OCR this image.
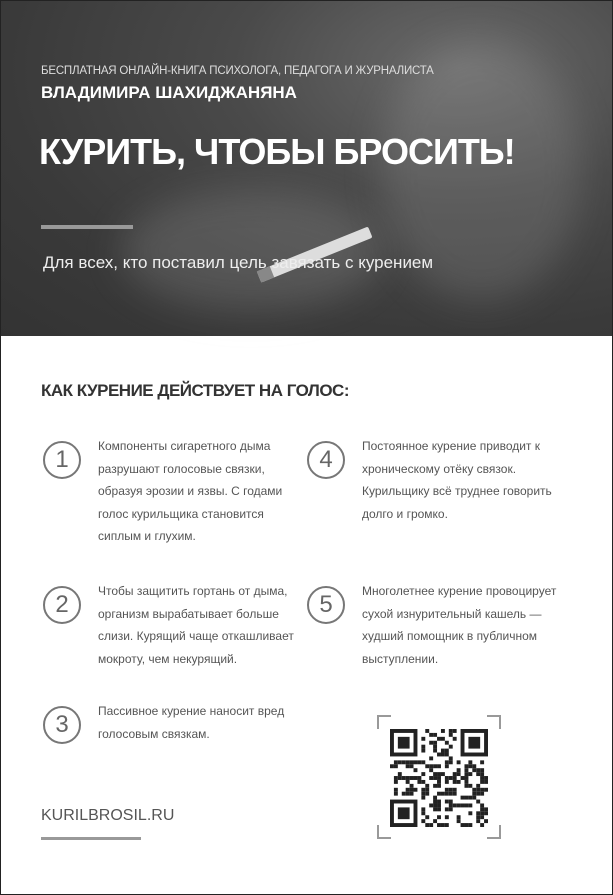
БЕСПЛАТНАЯ ОНЛАЙН-КНИГА ПСИХОЛОГА, ПЕДАГОГА И ЖУРНАЛИСТА
ВЛАДИМИРА ШАХИДЖАНЯНА
КУРИТЬ, ЧТОБЫ БРОСИТЬ!
Для всех, кто поставил цель завязать с курением
КАК КУРЕНИЕ ДЕЙСТВУЕТ НА ГОЛОС:
1	Компоненты сигаретного дыма
разрушают голосовые связки,
образуя эрозии и язвы. С годами
голос курильщика становится
сиплым и глухим.
2	Чтобы защитить гортань от дыма,
организм вырабатывает больше
слизи. Курящий чаще откашливает
мокроту, чем некурящий.
3	Пассивное курение наносит вред
голосовым связкам.
4	Постоянное курение приводит к
хроническому отёку связок.
Курильщику всё труднее говорить
долго и громко.
5	Многолетнее курение провоцирует
сухой изнурительный кашель —
худший помощник в публичном
выступлении.
KURILBROSIL.RU
